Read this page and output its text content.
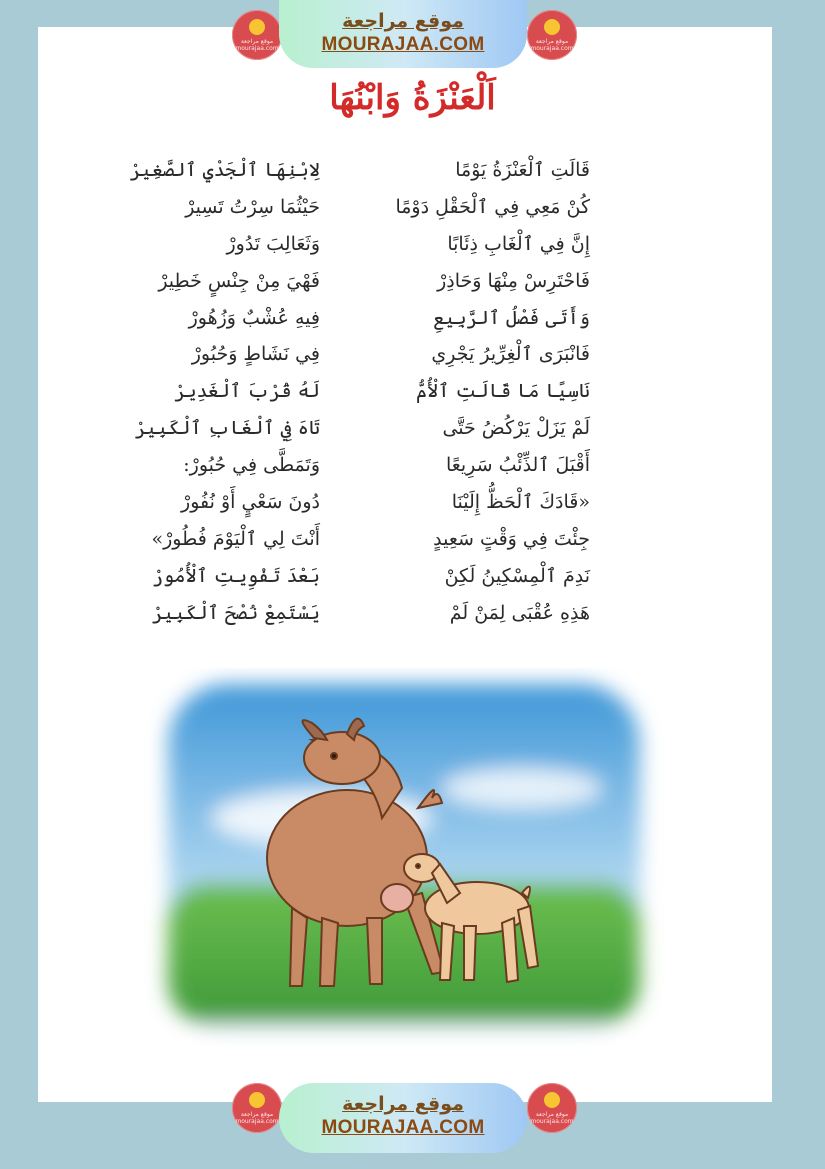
موقع مراجعة mourajaa.com
موقع مراجعة
MOURAJAA.COM	موقع مراجعة mourajaa.com
اَلْعَنْزَةُ وَابْنُهَا
قَالَتِ ٱلْعَنْزَةُ يَوْمًا
كُنْ مَعِي فِي ٱلْحَقْلِ دَوْمًا
إِنَّ فِي ٱلْغَابِ ذِئَابًا
فَاحْتَرِسْ مِنْهَا وَحَاذِرْ
وَأَتَى فَصْلُ ٱلرَّبِيعِ
فَانْبَرَى ٱلْغِرِّيرُ يَجْرِي
نَاسِيًا مَا قَالَتِ ٱلْأُمُّ
لَمْ يَزَلْ يَرْكُضُ حَتَّى
أَقْبَلَ ٱلذِّئْبُ سَرِيعًا
«قَادَكَ ٱلْحَظُّ إِلَيْنَا
جِئْتَ فِي وَقْتٍ سَعِيدٍ
نَدِمَ ٱلْمِسْكِينُ لَكِنْ
هَذِهِ عُقْبَى لِمَنْ لَمْ
لِابْنِهَا ٱلْجَدْيِ ٱلصَّغِيرْ
حَيْثُمَا سِرْتُ تَسِيرْ
وَثَعَالِبَ تَدُورْ
فَهْيَ مِنْ جِنْسٍ خَطِيرْ
فِيهِ عُشْبٌ وَزُهُورْ
فِي نَشَاطٍ وَحُبُورْ
لَهُ قُرْبَ ٱلْغَدِيرْ
تَاهَ فِي ٱلْغَابِ ٱلْكَبِيرْ
وَتَمَطَّى فِي حُبُورْ:
دُونَ سَعْيٍ أَوْ نُفُورْ
أَنْتَ لِي ٱلْيَوْمَ فُطُورْ»
بَعْدَ تَفْوِيتِ ٱلْأُمُورْ
يَسْتَمِعْ نُصْحَ ٱلْكَبِيرْ
موقع مراجعة mourajaa.com
موقع مراجعة
MOURAJAA.COM
موقع مراجعة mourajaa.com
